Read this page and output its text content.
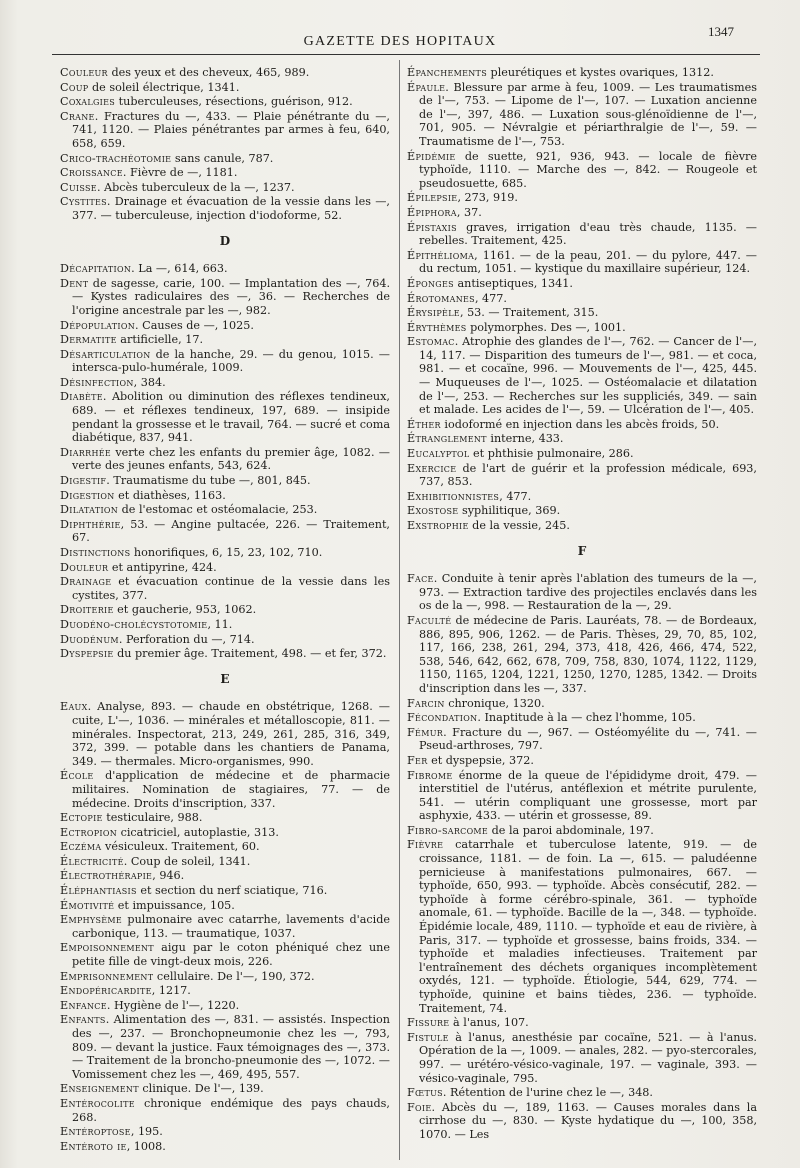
GAZETTE DES HOPITAUX
1347
Couleur des yeux et des cheveux, 465, 989.
Coup de soleil électrique, 1341.
Coxalgies tuberculeuses, résections, guérison, 912.
Crane. Fractures du —, 433. — Plaie pénétrante du —, 741, 1120. — Plaies pénétrantes par armes à feu, 640, 658, 659.
Crico-trachéotomie sans canule, 787.
Croissance. Fièvre de —, 1181.
Cuisse. Abcès tuberculeux de la —, 1237.
Cystites. Drainage et évacuation de la vessie dans les —, 377. — tuberculeuse, injection d'iodoforme, 52.
D
Décapitation. La —, 614, 663.
Dent de sagesse, carie, 100. — Implantation des —, 764. — Kystes radiculaires des —, 36. — Recherches de l'origine ancestrale par les —, 982.
Dépopulation. Causes de —, 1025.
Dermatite artificielle, 17.
Désarticulation de la hanche, 29. — du genou, 1015. — intersca-pulo-humérale, 1009.
Désinfection, 384.
Diabète. Abolition ou diminution des réflexes tendineux, 689. — et réflexes tendineux, 197, 689. — insipide pendant la grossesse et le travail, 764. — sucré et coma diabétique, 837, 941.
Diarrhée verte chez les enfants du premier âge, 1082. — verte des jeunes enfants, 543, 624.
Digestif. Traumatisme du tube —, 801, 845.
Digestion et diathèses, 1163.
Dilatation de l'estomac et ostéomalacie, 253.
Diphthérie, 53. — Angine pultacée, 226. — Traitement, 67.
Distinctions honorifiques, 6, 15, 23, 102, 710.
Douleur et antipyrine, 424.
Drainage et évacuation continue de la vessie dans les cystites, 377.
Droiterie et gaucherie, 953, 1062.
Duodéno-cholécystotomie, 11.
Duodénum. Perforation du —, 714.
Dyspepsie du premier âge. Traitement, 498. — et fer, 372.
E
Eaux. Analyse, 893. — chaude en obstétrique, 1268. — cuite, L'—, 1036. — minérales et métalloscopie, 811. — minérales. Inspectorat, 213, 249, 261, 285, 316, 349, 372, 399. — potable dans les chantiers de Panama, 349. — thermales. Micro-organismes, 990.
École d'application de médecine et de pharmacie militaires. Nomination de stagiaires, 77. — de médecine. Droits d'inscription, 337.
Ectopie testiculaire, 988.
Ectropion cicatriciel, autoplastie, 313.
Eczéma vésiculeux. Traitement, 60.
Électricité. Coup de soleil, 1341.
Électrothérapie, 946.
Éléphantiasis et section du nerf sciatique, 716.
Émotivité et impuissance, 105.
Emphysème pulmonaire avec catarrhe, lavements d'acide carbonique, 113. — traumatique, 1037.
Empoisonnement aigu par le coton phéniqué chez une petite fille de vingt-deux mois, 226.
Emprisonnement cellulaire. De l'—, 190, 372.
Endopéricardite, 1217.
Enfance. Hygiène de l'—, 1220.
Enfants. Alimentation des —, 831. — assistés. Inspection des —, 237. — Bronchopneumonie chez les —, 793, 809. — devant la justice. Faux témoignages des —, 373. — Traitement de la broncho-pneumonie des —, 1072. — Vomissement chez les —, 469, 495, 557.
Enseignement clinique. De l'—, 139.
Entérocolite chronique endémique des pays chauds, 268.
Entéroptose, 195.
Entéroto ie, 1008.
Épanchements pleurétiques et kystes ovariques, 1312.
Épaule. Blessure par arme à feu, 1009. — Les traumatismes de l'—, 753. — Lipome de l'—, 107. — Luxation ancienne de l'—, 397, 486. — Luxation sous-glénoïdienne de l'—, 701, 905. — Névralgie et périarthralgie de l'—, 59. — Traumatisme de l'—, 753.
Épidémie de suette, 921, 936, 943. — locale de fièvre typhoïde, 1110. — Marche des —, 842. — Rougeole et pseudosuette, 685.
Épilepsie, 273, 919.
Épiphora, 37.
Épistaxis graves, irrigation d'eau très chaude, 1135. — rebelles. Traitement, 425.
Épithélioma, 1161. — de la peau, 201. — du pylore, 447. — du rectum, 1051. — kystique du maxillaire supérieur, 124.
Éponges antiseptiques, 1341.
Érotomanes, 477.
Érysipèle, 53. — Traitement, 315.
Érythèmes polymorphes. Des —, 1001.
Estomac. Atrophie des glandes de l'—, 762. — Cancer de l'—, 14, 117. — Disparition des tumeurs de l'—, 981. — et coca, 981. — et cocaïne, 996. — Mouvements de l'—, 425, 445. — Muqueuses de l'—, 1025. — Ostéomalacie et dilatation de l'—, 253. — Recherches sur les suppliciés, 349. — sain et malade. Les acides de l'—, 59. — Ulcération de l'—, 405.
Éther iodoformé en injection dans les abcès froids, 50.
Étranglement interne, 433.
Eucalyptol et phthisie pulmonaire, 286.
Exercice de l'art de guérir et la profession médicale, 693, 737, 853.
Exhibitionnistes, 477.
Exostose syphilitique, 369.
Exstrophie de la vessie, 245.
F
Face. Conduite à tenir après l'ablation des tumeurs de la —, 973. — Extraction tardive des projectiles enclavés dans les os de la —, 998. — Restauration de la —, 29.
Faculté de médecine de Paris. Lauréats, 78. — de Bordeaux, 886, 895, 906, 1262. — de Paris. Thèses, 29, 70, 85, 102, 117, 166, 238, 261, 294, 373, 418, 426, 466, 474, 522, 538, 546, 642, 662, 678, 709, 758, 830, 1074, 1122, 1129, 1150, 1165, 1204, 1221, 1250, 1270, 1285, 1342. — Droits d'inscription dans les —, 337.
Farcin chronique, 1320.
Fécondation. Inaptitude à la — chez l'homme, 105.
Fémur. Fracture du —, 967. — Ostéomyélite du —, 741. — Pseud-arthroses, 797.
Fer et dyspepsie, 372.
Fibrome énorme de la queue de l'épididyme droit, 479. — interstitiel de l'utérus, antéflexion et métrite purulente, 541. — utérin compliquant une grossesse, mort par asphyxie, 433. — utérin et grossesse, 89.
Fibro-sarcome de la paroi abdominale, 197.
Fièvre catarrhale et tuberculose latente, 919. — de croissance, 1181. — de foin. La —, 615. — paludéenne pernicieuse à manifestations pulmonaires, 667. — typhoïde, 650, 993. — typhoïde. Abcès consécutif, 282. — typhoïde à forme cérébro-spinale, 361. — typhoïde anomale, 61. — typhoïde. Bacille de la —, 348. — typhoïde. Épidémie locale, 489, 1110. — typhoïde et eau de rivière, à Paris, 317. — typhoïde et grossesse, bains froids, 334. — typhoïde et maladies infectieuses. Traitement par l'entraînement des déchets organiques incomplètement oxydés, 121. — typhoïde. Étiologie, 544, 629, 774. — typhoïde, quinine et bains tièdes, 236. — typhoïde. Traitement, 74.
Fissure à l'anus, 107.
Fistule à l'anus, anesthésie par cocaïne, 521. — à l'anus. Opération de la —, 1009. — anales, 282. — pyo-stercorales, 997. — urétéro-vésico-vaginale, 197. — vaginale, 393. — vésico-vaginale, 795.
Fœtus. Rétention de l'urine chez le —, 348.
Foie. Abcès du —, 189, 1163. — Causes morales dans la cirrhose du —, 830. — Kyste hydatique du —, 100, 358, 1070. — Les
